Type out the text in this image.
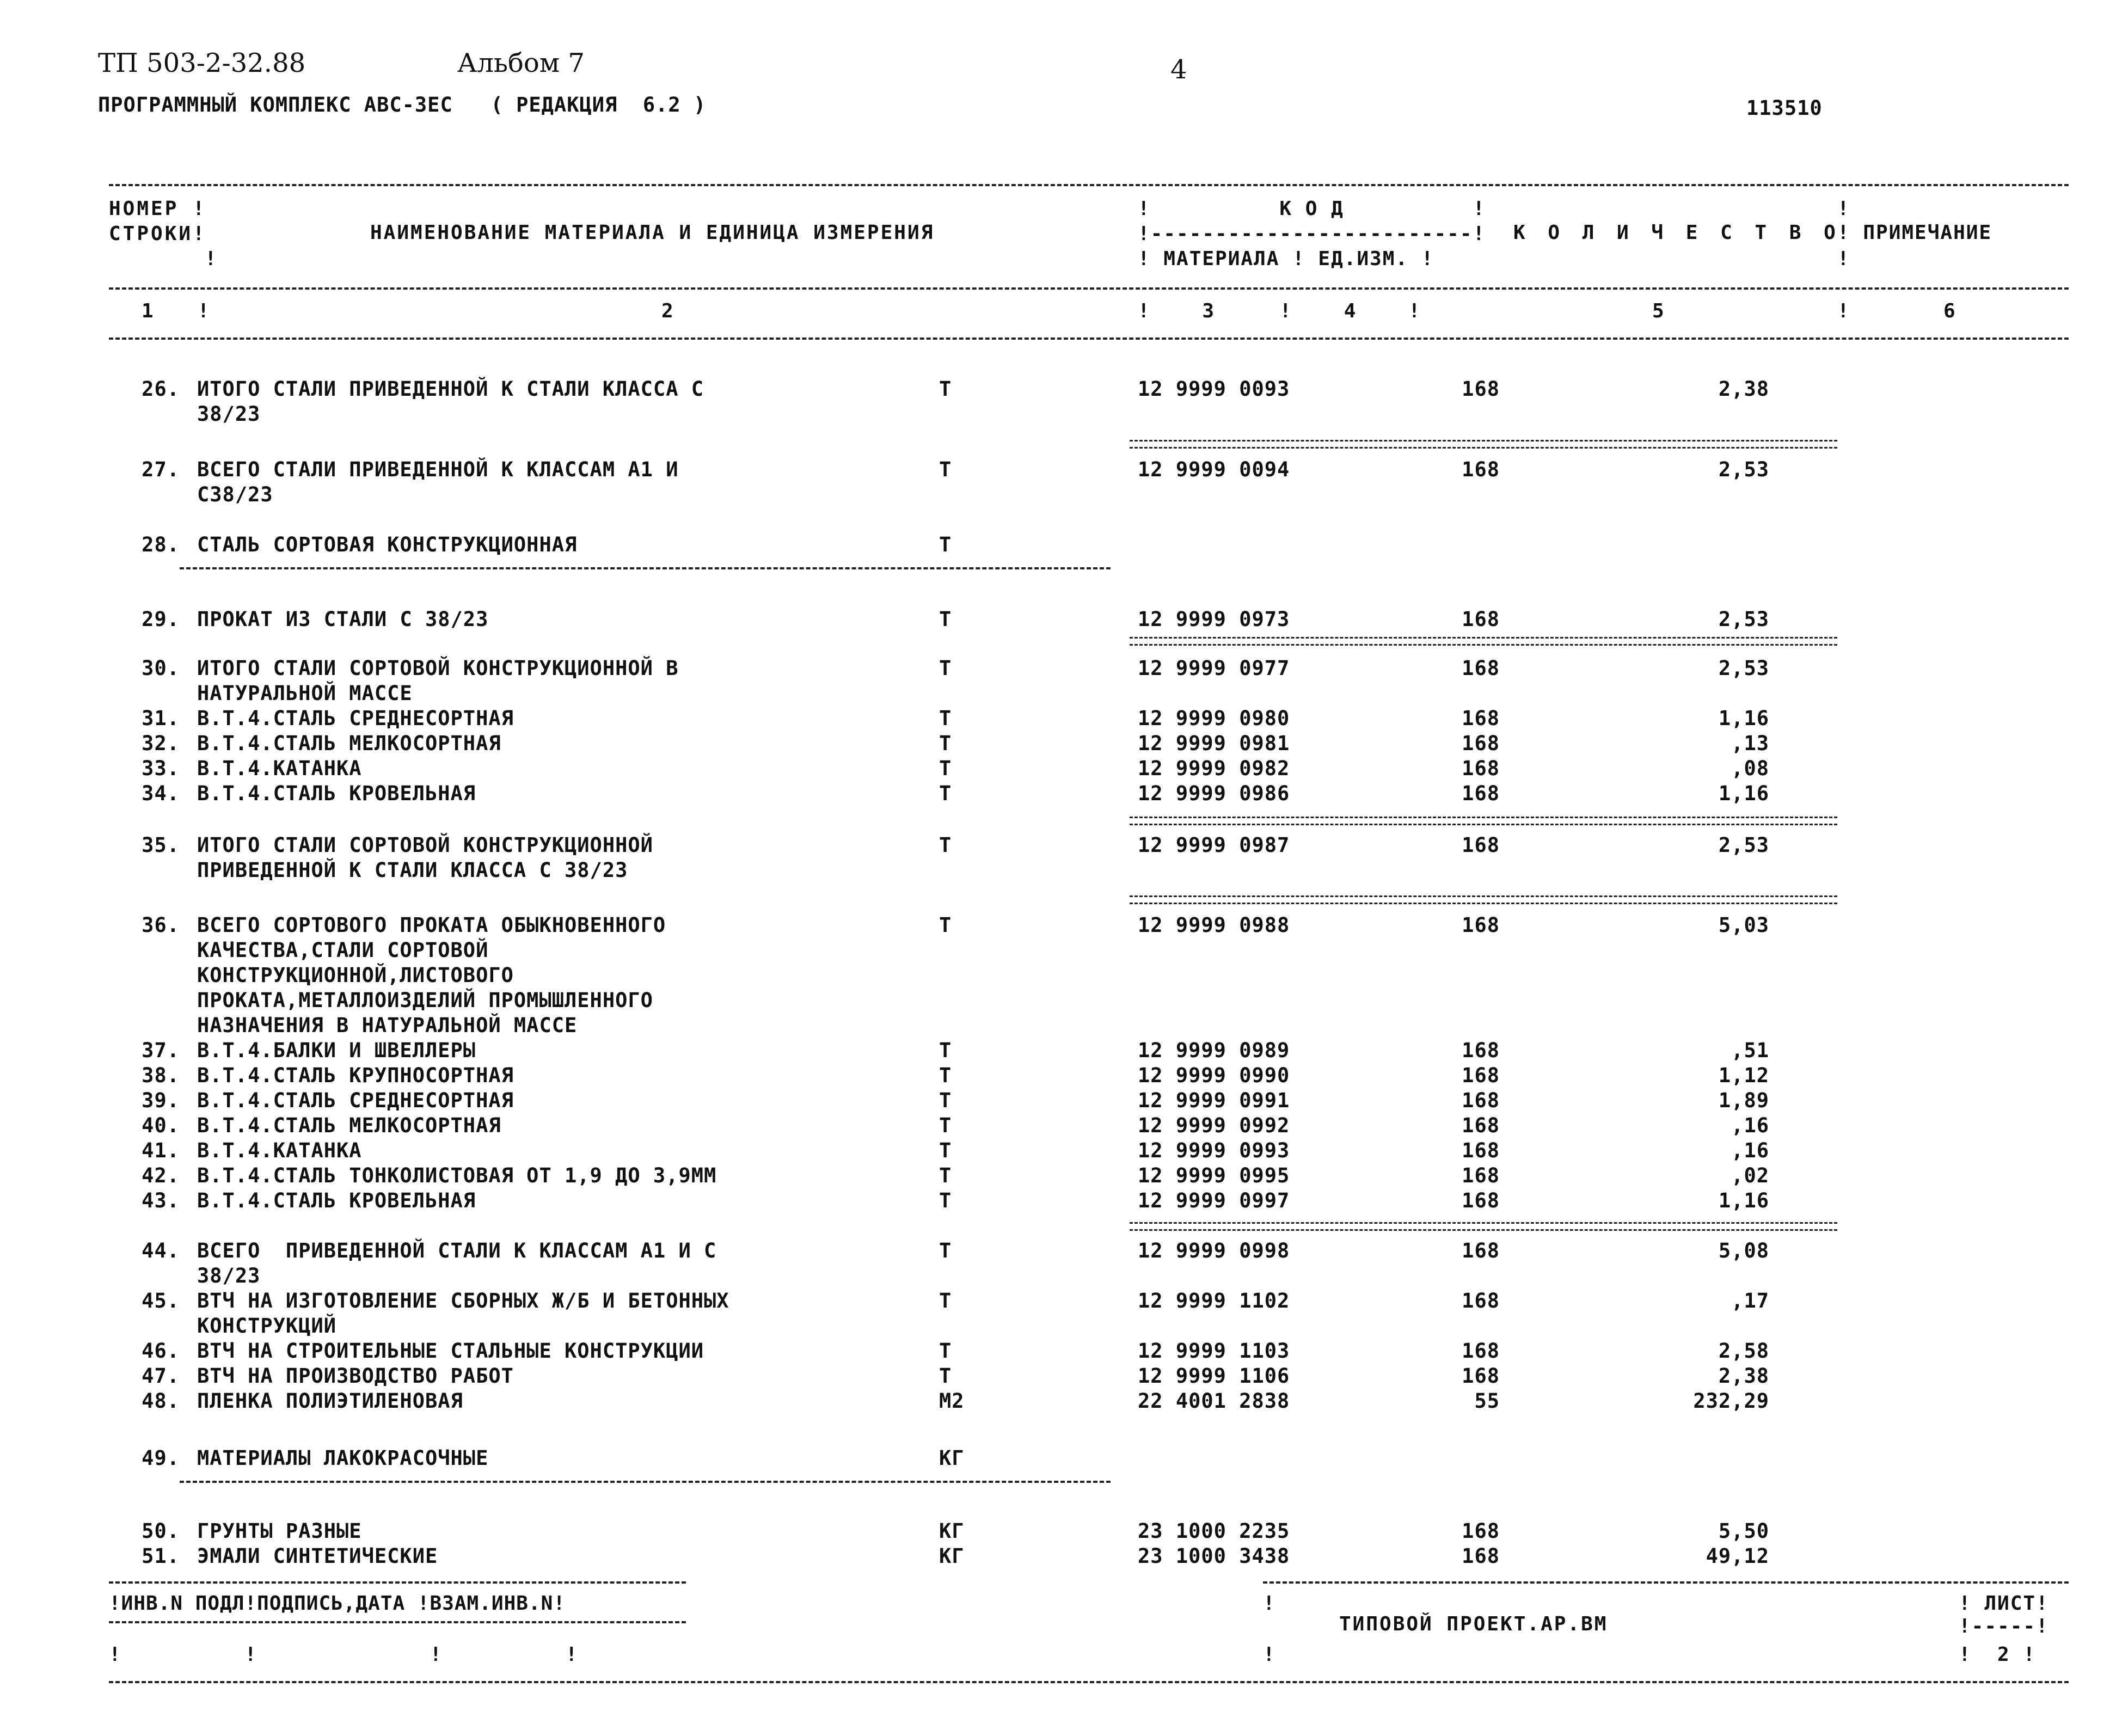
ТП 503-2-32.88	Альбом 7	4
ПРОГРАММНЫЙ КОМПЛЕКС АВС-3ЕС   ( РЕДАКЦИЯ  6.2 )	113510
НОМЕР !
СТРОКИ!
!
НАИМЕНОВАНИЕ МАТЕРИАЛА И ЕДИНИЦА ИЗМЕРЕНИЯ
!          К О Д          !
!-------------------------!
! МАТЕРИАЛА ! ЕД.ИЗМ. !
К О Л И Ч Е С Т В О
!
! ПРИМЕЧАНИЕ
!
1   !	2	!    3     !    4    !	5	!	6
26. ИТОГО СТАЛИ ПРИВЕДЕННОЙ К СТАЛИ КЛАССА С	Т	12 9999 0093	168	2,38
38/23
27. ВСЕГО СТАЛИ ПРИВЕДЕННОЙ К КЛАССАМ А1 И	Т	12 9999 0094	168	2,53
С38/23
28. СТАЛЬ СОРТОВАЯ КОНСТРУКЦИОННАЯ	Т
29. ПРОКАТ ИЗ СТАЛИ С 38/23	Т	12 9999 0973	168	2,53
30. ИТОГО СТАЛИ СОРТОВОЙ КОНСТРУКЦИОННОЙ В	Т	12 9999 0977	168	2,53
НАТУРАЛЬНОЙ МАССЕ
31. В.Т.4.СТАЛЬ СРЕДНЕСОРТНАЯ	Т	12 9999 0980	168	1,16
32. В.Т.4.СТАЛЬ МЕЛКОСОРТНАЯ	Т	12 9999 0981	168	,13
33. В.Т.4.КАТАНКА	Т	12 9999 0982	168	,08
34. В.Т.4.СТАЛЬ КРОВЕЛЬНАЯ	Т	12 9999 0986	168	1,16
35. ИТОГО СТАЛИ СОРТОВОЙ КОНСТРУКЦИОННОЙ	Т	12 9999 0987	168	2,53
ПРИВЕДЕННОЙ К СТАЛИ КЛАССА С 38/23
36. ВСЕГО СОРТОВОГО ПРОКАТА ОБЫКНОВЕННОГО	Т	12 9999 0988	168	5,03
КАЧЕСТВА,СТАЛИ СОРТОВОЙ
КОНСТРУКЦИОННОЙ,ЛИСТОВОГО
ПРОКАТА,МЕТАЛЛОИЗДЕЛИЙ ПРОМЫШЛЕННОГО
НАЗНАЧЕНИЯ В НАТУРАЛЬНОЙ МАССЕ
37. В.Т.4.БАЛКИ И ШВЕЛЛЕРЫ	Т	12 9999 0989	168	,51
38. В.Т.4.СТАЛЬ КРУПНОСОРТНАЯ	Т	12 9999 0990	168	1,12
39. В.Т.4.СТАЛЬ СРЕДНЕСОРТНАЯ	Т	12 9999 0991	168	1,89
40. В.Т.4.СТАЛЬ МЕЛКОСОРТНАЯ	Т	12 9999 0992	168	,16
41. В.Т.4.КАТАНКА	Т	12 9999 0993	168	,16
42. В.Т.4.СТАЛЬ ТОНКОЛИСТОВАЯ ОТ 1,9 ДО 3,9ММ	Т	12 9999 0995	168	,02
43. В.Т.4.СТАЛЬ КРОВЕЛЬНАЯ	Т	12 9999 0997	168	1,16
44. ВСЕГО  ПРИВЕДЕННОЙ СТАЛИ К КЛАССАМ А1 И С	Т	12 9999 0998	168	5,08
38/23
45. ВТЧ НА ИЗГОТОВЛЕНИЕ СБОРНЫХ Ж/Б И БЕТОННЫХ	Т	12 9999 1102	168	,17
КОНСТРУКЦИЙ
46. ВТЧ НА СТРОИТЕЛЬНЫЕ СТАЛЬНЫЕ КОНСТРУКЦИИ	Т	12 9999 1103	168	2,58
47. ВТЧ НА ПРОИЗВОДСТВО РАБОТ	Т	12 9999 1106	168	2,38
48. ПЛЕНКА ПОЛИЭТИЛЕНОВАЯ	М2	22 4001 2838	55	232,29
49. МАТЕРИАЛЫ ЛАКОКРАСОЧНЫЕ	КГ
50. ГРУНТЫ РАЗНЫЕ	КГ	23 1000 2235	168	5,50
51. ЭМАЛИ СИНТЕТИЧЕСКИЕ	КГ	23 1000 3438	168	49,12
!ИНВ.N ПОДЛ!ПОДПИСЬ,ДАТА !ВЗАМ.ИНВ.N!
!          !              !          !
!
!
ТИПОВОЙ ПРОЕКТ.АР.ВМ
! ЛИСТ!
!-----!
!  2 !
